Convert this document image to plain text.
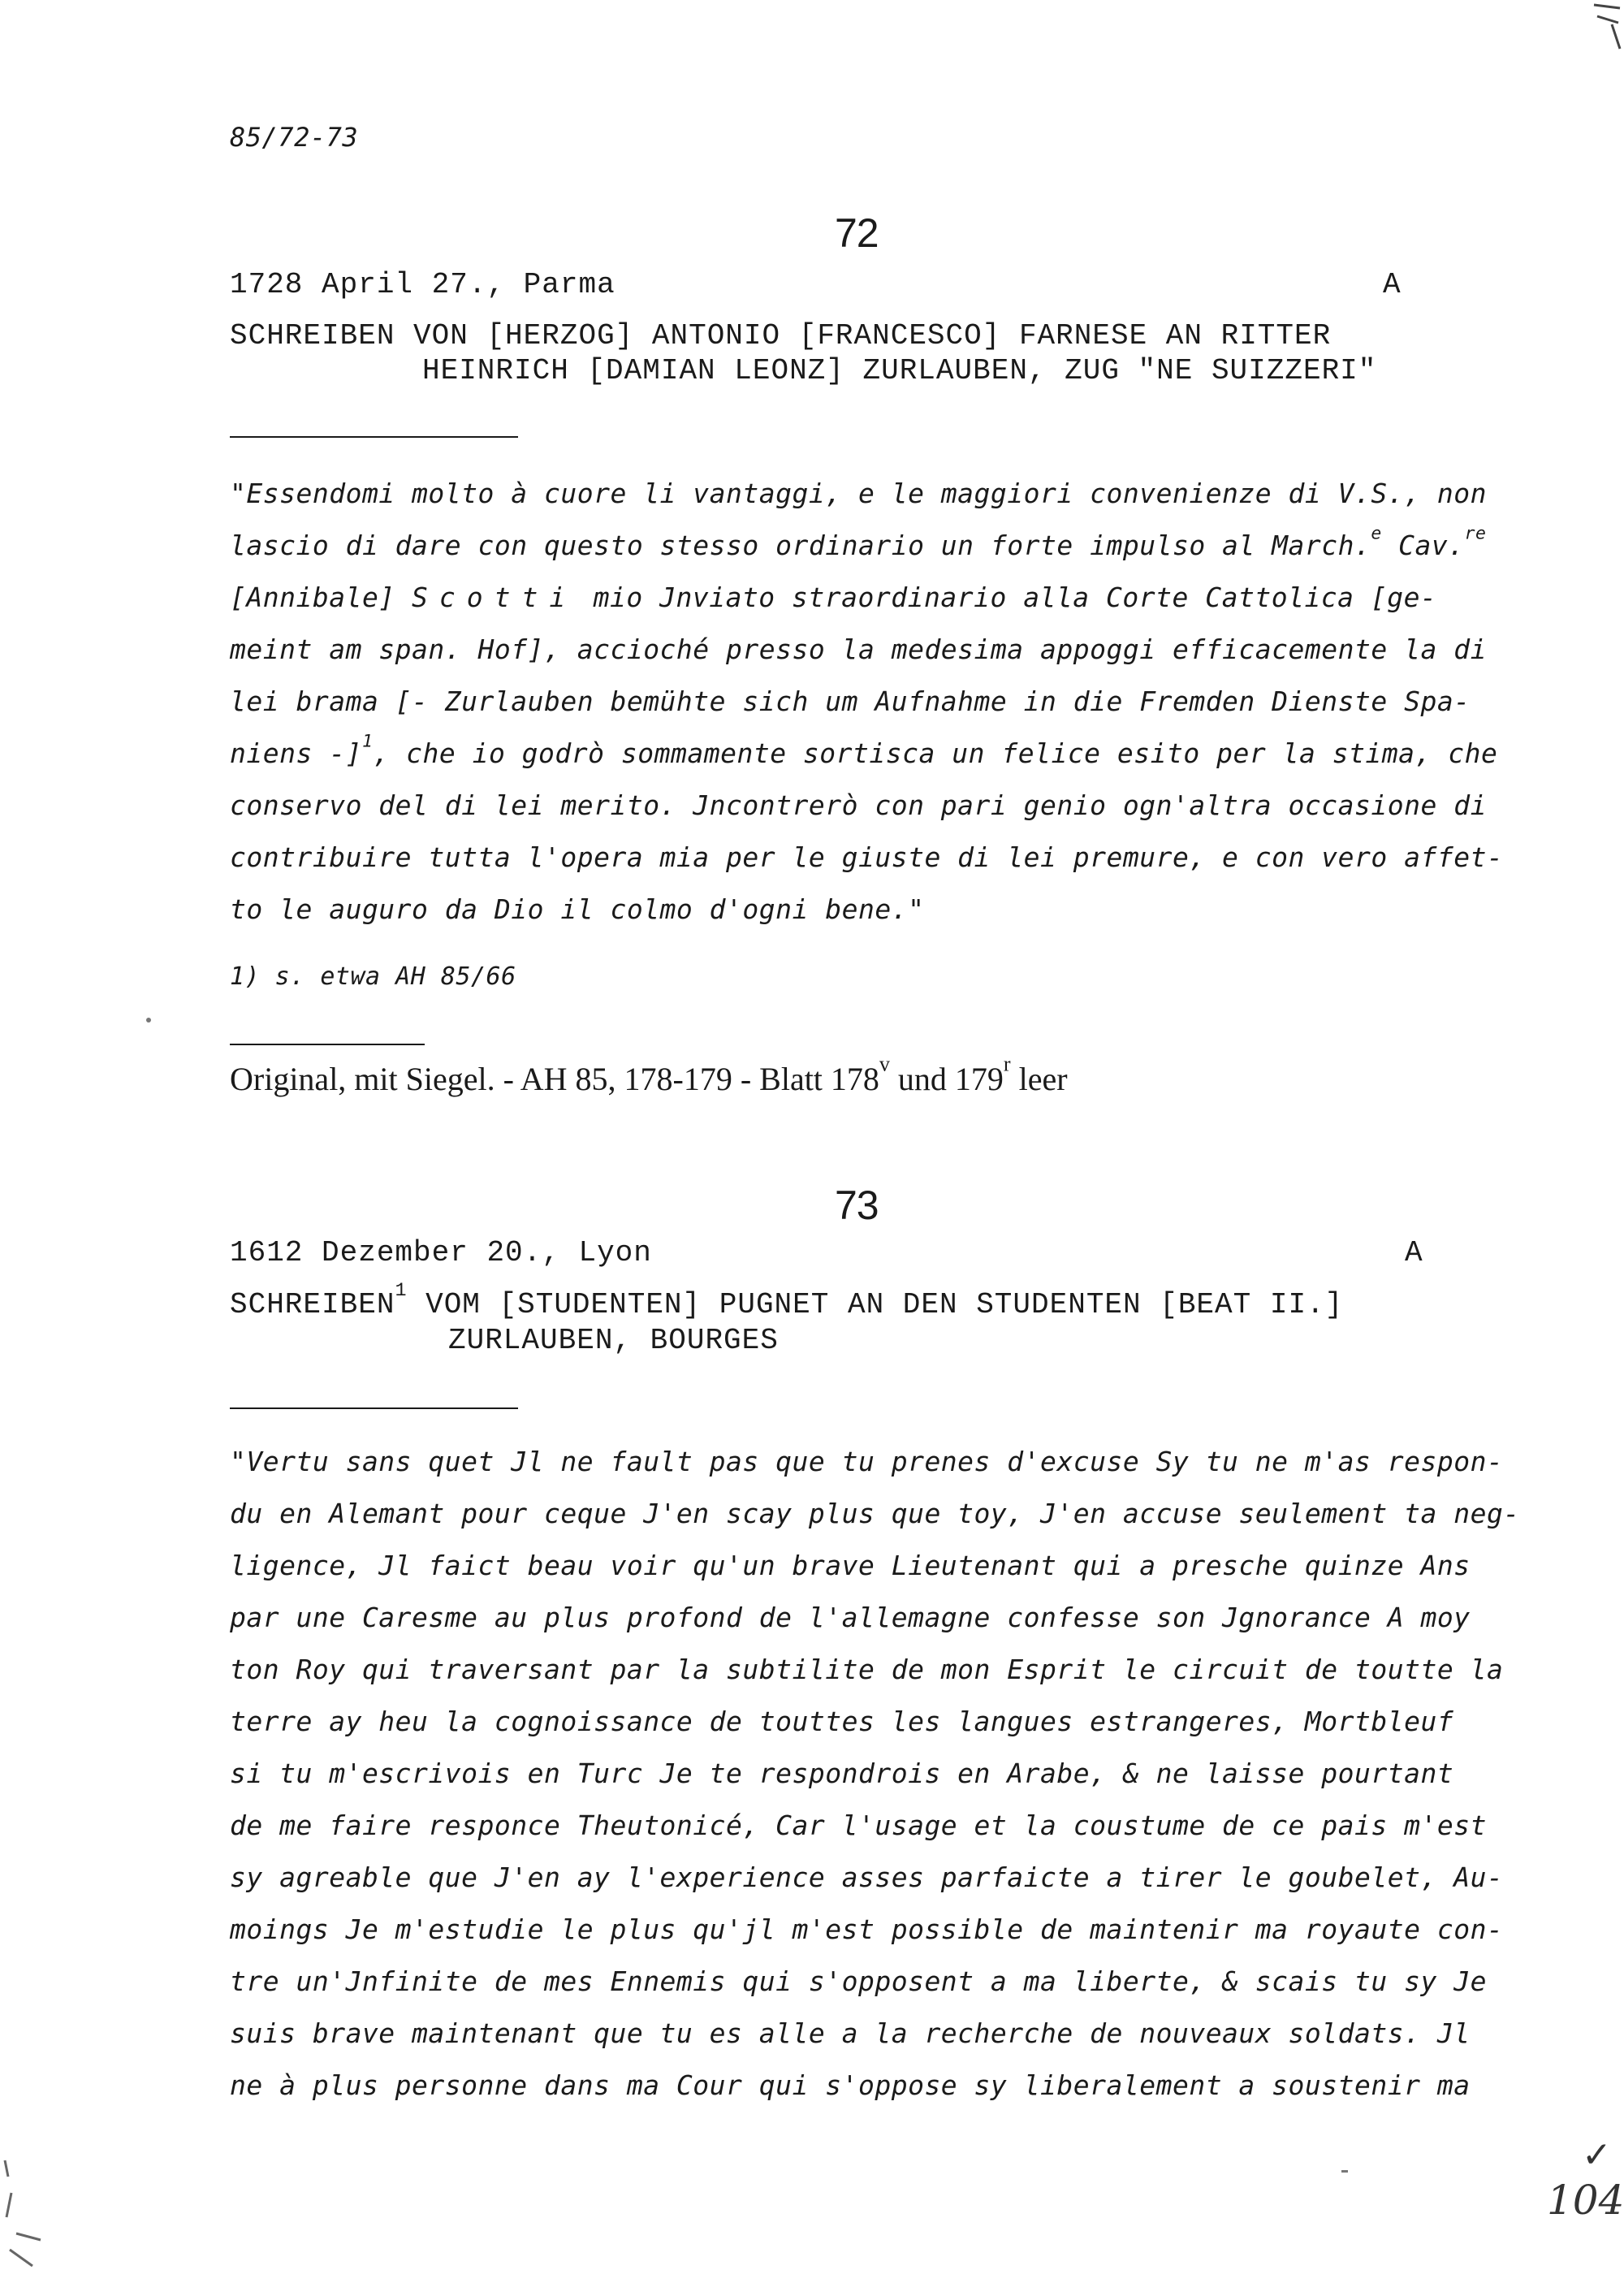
85/72-73
72
1728 April 27., Parma	A
SCHREIBEN VON [HERZOG] ANTONIO [FRANCESCO] FARNESE AN RITTER
HEINRICH [DAMIAN LEONZ] ZURLAUBEN, ZUG "NE SUIZZERI"
"Essendomi molto à cuore li vantaggi, e le maggiori convenienze di V.S., non
lascio di dare con questo stesso ordinario un forte impulso al March.$^e$ Cav.$^{re}$
[Annibale] Scotti mio Jnviato straordinario alla Corte Cattolica [ge-
meint am span. Hof], accioché presso la medesima appoggi efficacemente la di
lei brama [- Zurlauben bemühte sich um Aufnahme in die Fremden Dienste Spa-
niens -]$^1$, che io godrò sommamente sortisca un felice esito per la stima, che
conservo del di lei merito. Jncontrerò con pari genio ogn'altra occasione di
contribuire tutta l'opera mia per le giuste di lei premure, e con vero affet-
to le auguro da Dio il colmo d'ogni bene."
1) s. etwa AH 85/66
Original, mit Siegel. - AH 85, 178-179 - Blatt 178$^v$ und 179$^r$ leer
73
1612 Dezember 20., Lyon	A
SCHREIBEN$^1$ VOM [STUDENTEN] PUGNET AN DEN STUDENTEN [BEAT II.]
ZURLAUBEN, BOURGES
"Vertu sans quet Jl ne fault pas que tu prenes d'excuse Sy tu ne m'as respon-
du en Alemant pour ceque J'en scay plus que toy, J'en accuse seulement ta neg-
ligence, Jl faict beau voir qu'un brave Lieutenant qui a presche quinze Ans
par une Caresme au plus profond de l'allemagne confesse son Jgnorance A moy
ton Roy qui traversant par la subtilite de mon Esprit le circuit de toutte la
terre ay heu la cognoissance de touttes les langues estrangeres, Mortbleuf
si tu m'escrivois en Turc Je te respondrois en Arabe, & ne laisse pourtant
de me faire responce Theutonicé, Car l'usage et la coustume de ce pais m'est
sy agreable que J'en ay l'experience asses parfaicte a tirer le goubelet, Au-
moings Je m'estudie le plus qu'jl m'est possible de maintenir ma royaute con-
tre un'Jnfinite de mes Ennemis qui s'opposent a ma liberte, & scais tu sy Je
suis brave maintenant que tu es alle a la recherche de nouveaux soldats. Jl
ne à plus personne dans ma Cour qui s'oppose sy liberalement a soustenir ma
✓
104
